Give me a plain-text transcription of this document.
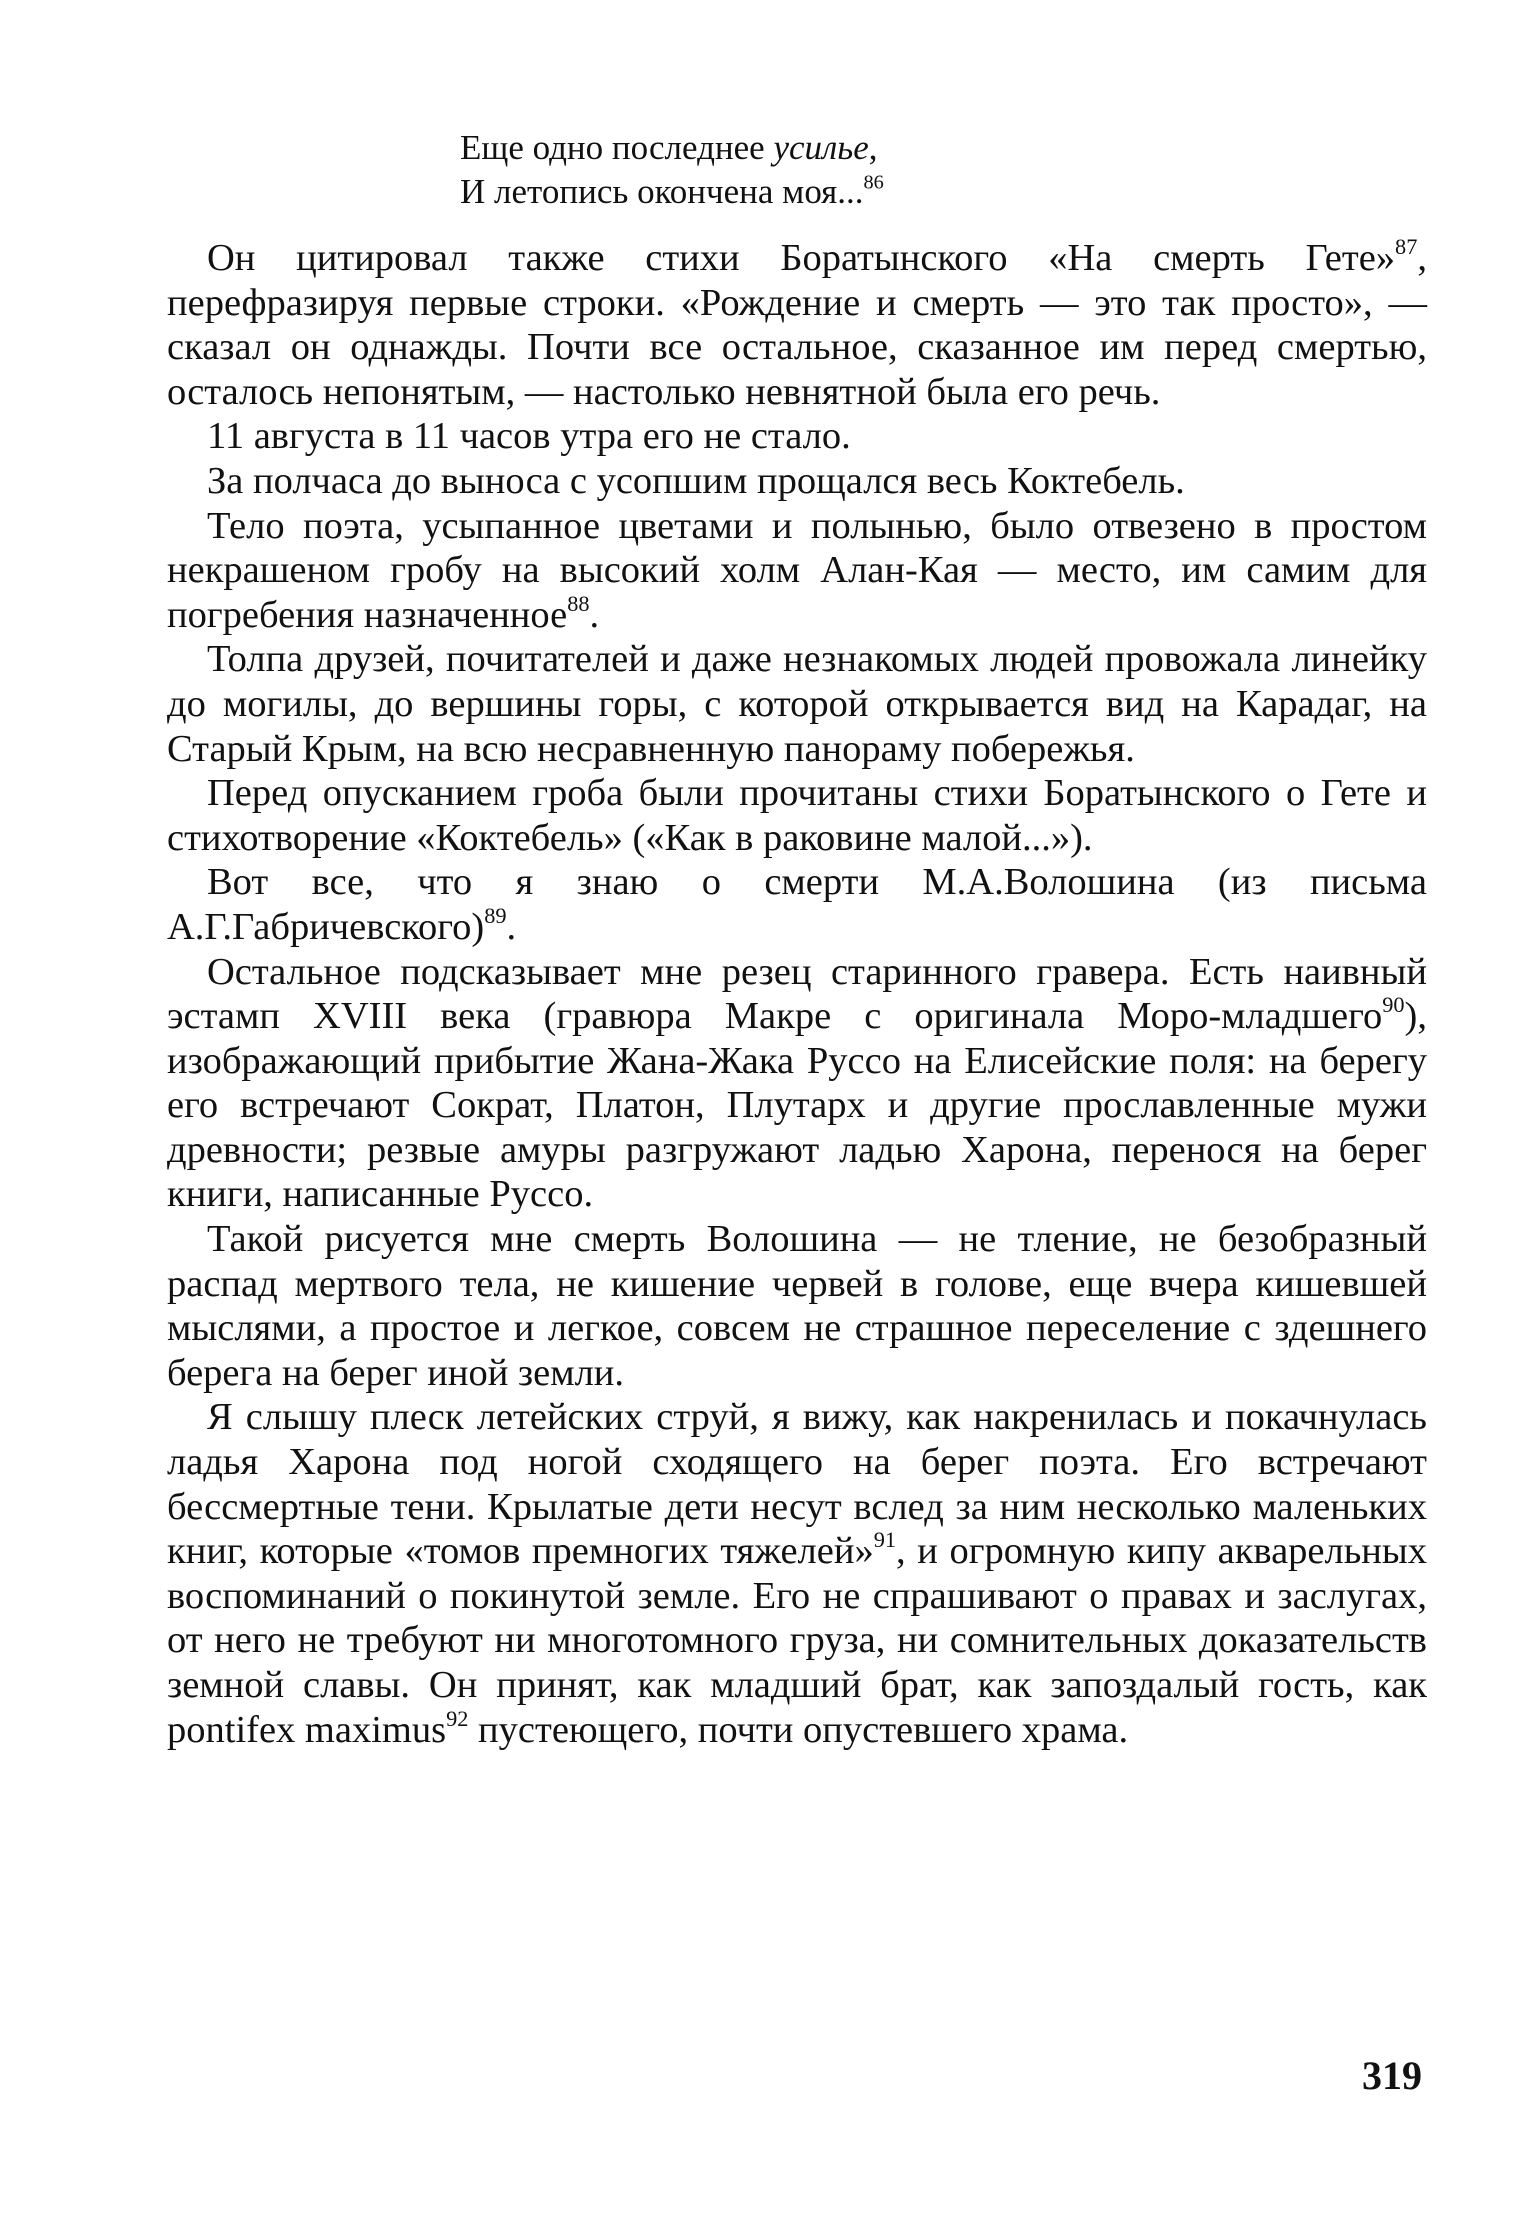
Еще одно последнее усилье,
И летопись окончена моя...$^{86}$

Он цитировал также стихи Боратынского «На смерть Гете»$^{87}$, перефразируя первые строки. «Рождение и смерть — это так просто», — сказал он однажды. Почти все остальное, сказанное им перед смертью, осталось непонятым, — настолько невнятной была его речь.

11 августа в 11 часов утра его не стало.

За полчаса до выноса с усопшим прощался весь Коктебель.

Тело поэта, усыпанное цветами и полынью, было отвезено в простом некрашеном гробу на высокий холм Алан-Кая — место, им самим для погребения назначенное$^{88}$.

Толпа друзей, почитателей и даже незнакомых людей провожала линейку до могилы, до вершины горы, с которой открывается вид на Карадаг, на Старый Крым, на всю несравненную панораму побережья.

Перед опусканием гроба были прочитаны стихи Боратынского о Гете и стихотворение «Коктебель» («Как в раковине малой...»).

Вот все, что я знаю о смерти М.А.Волошина (из письма А.Г.Габричевского)$^{89}$.

Остальное подсказывает мне резец старинного гравера. Есть наивный эстамп XVIII века (гравюра Макре с оригинала Моро-младшего$^{90}$), изображающий прибытие Жана-Жака Руссо на Елисейские поля: на берегу его встречают Сократ, Платон, Плутарх и другие прославленные мужи древности; резвые амуры разгружают ладью Харона, перенося на берег книги, написанные Руссо.

Такой рисуется мне смерть Волошина — не тление, не безобразный распад мертвого тела, не кишение червей в голове, еще вчера кишевшей мыслями, а простое и легкое, совсем не страшное переселение с здешнего берега на берег иной земли.

Я слышу плеск летейских струй, я вижу, как накренилась и покачнулась ладья Харона под ногой сходящего на берег поэта. Его встречают бессмертные тени. Крылатые дети несут вслед за ним несколько маленьких книг, которые «томов премногих тяжелей»$^{91}$, и огромную кипу акварельных воспоминаний о покинутой земле. Его не спрашивают о правах и заслугах, от него не требуют ни многотомного груза, ни сомнительных доказательств земной славы. Он принят, как младший брат, как запоздалый гость, как pontifex maximus$^{92}$ пустеющего, почти опустевшего храма.

319
